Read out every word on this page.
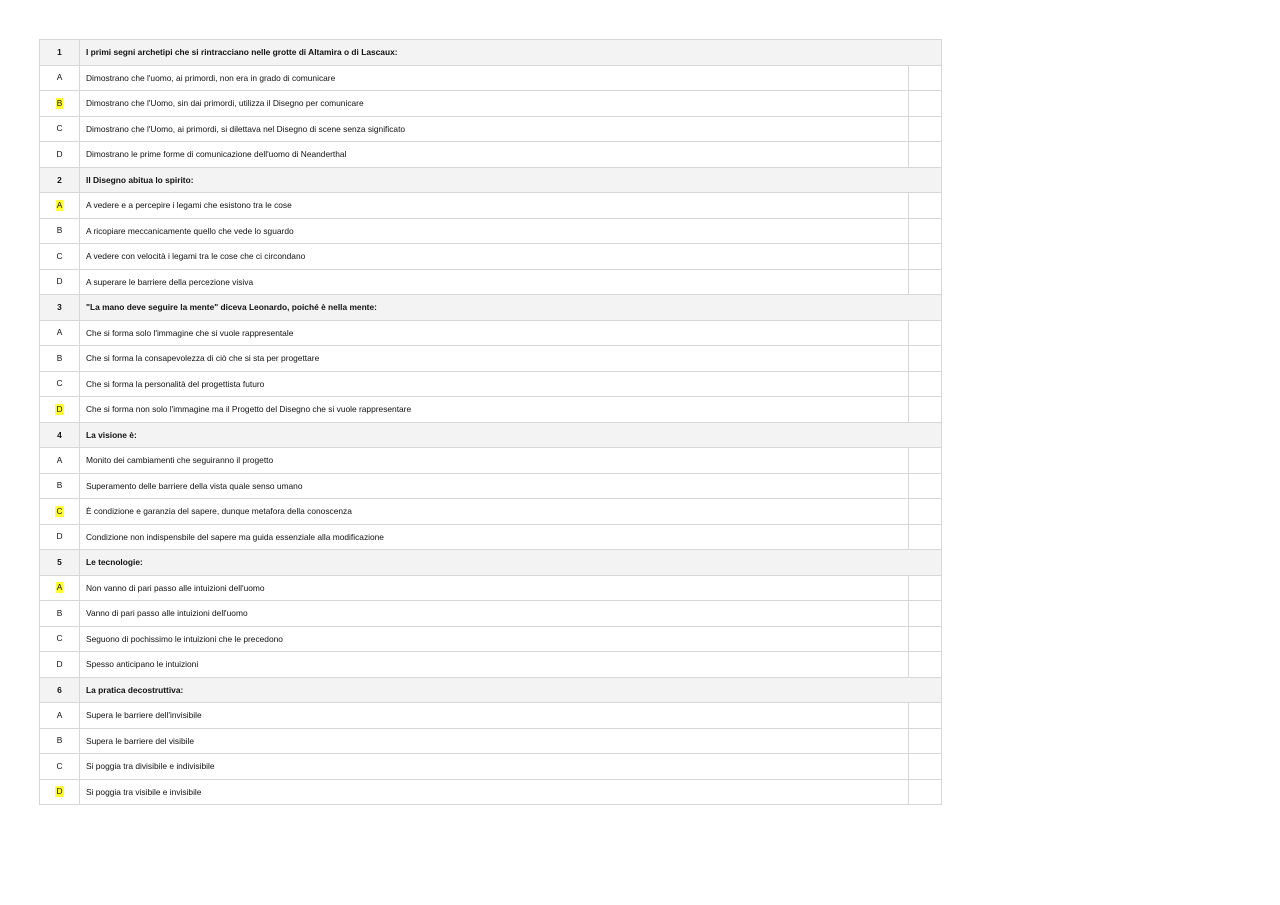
1	I primi segni archetipi che si rintracciano nelle grotte di Altamira o di Lascaux:	
A	Dimostrano che l'uomo, ai primordi, non era in grado di comunicare	
B	Dimostrano che l'Uomo, sin dai primordi, utilizza il Disegno per comunicare	
C	Dimostrano che l'Uomo, ai primordi, si dilettava nel Disegno di scene senza significato	
D	Dimostrano le prime forme di comunicazione dell'uomo di Neanderthal	
2	Il Disegno abitua lo spirito:	
A	A vedere e a percepire i legami che esistono tra le cose	
B	A ricopiare meccanicamente quello che vede lo sguardo	
C	A vedere con velocità i legami tra le cose che ci circondano	
D	A superare le barriere della percezione visiva	
3	"La mano deve seguire la mente" diceva Leonardo, poiché è nella mente:	
A	Che si forma solo l'immagine che si vuole rappresentale	
B	Che si forma la consapevolezza di ciò che si sta per progettare	
C	Che si forma la personalità del progettista futuro	
D	Che si forma non solo l'immagine ma il Progetto del Disegno che si vuole rappresentare	
4	La visione è:	
A	Monito dei cambiamenti che seguiranno il progetto	
B	Superamento delle barriere della vista quale senso umano	
C	È condizione e garanzia del sapere, dunque metafora della conoscenza	
D	Condizione non indispensbile del sapere ma guida essenziale alla modificazione	
5	Le tecnologie:	
A	Non vanno di pari passo alle intuizioni dell'uomo	
B	Vanno di pari passo alle intuizioni dell'uomo	
C	Seguono di pochissimo le intuizioni che le precedono	
D	Spesso anticipano le intuizioni	
6	La pratica decostruttiva:	
A	Supera le barriere dell'invisibile	
B	Supera le barriere del visibile	
C	Si poggia tra divisibile e indivisibile	
D	Si poggia tra visibile e invisibile	
